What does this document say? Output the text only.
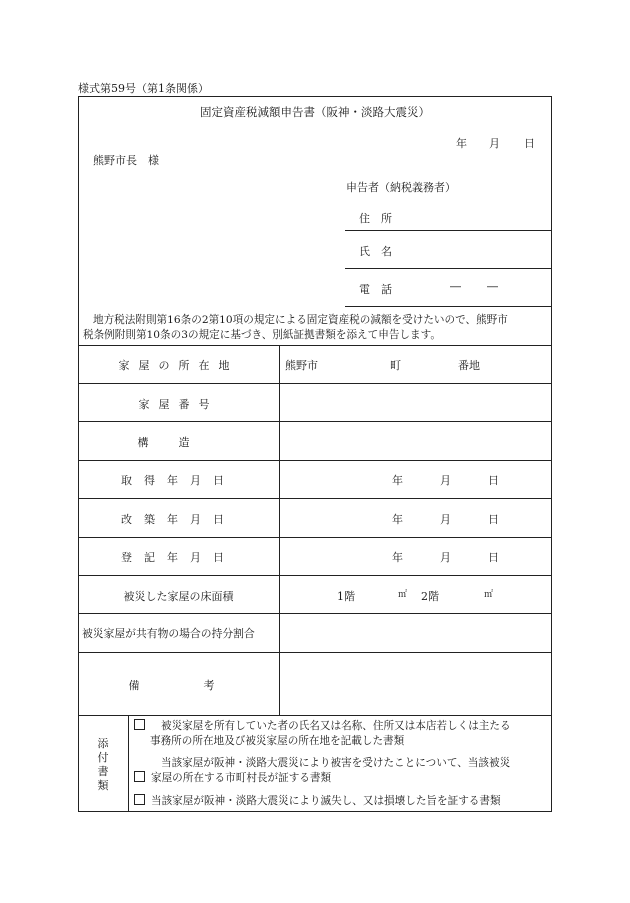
様式第59号（第1条関係）
固定資産税減額申告書（阪神・淡路大震災）
年 月 日
熊野市長　様
申告者（納税義務者）
住　所
氏　名
電　話	― ―
地方税法附則第16条の2第10項の規定による固定資産税の減額を受けたいので、熊野市
税条例附則第10条の3の規定に基づき、別紙証拠書類を添えて申告します。
家屋の所在地	熊野市	町	番地
家屋番号
構造
取得年月日	年	月	日
改築年月日	年	月	日
登記年月日	年	月	日
被災した家屋の床面積	1階	㎡ 2階	㎡
被災家屋が共有物の場合の持分割合
備　　考
添
付
書
類
被災家屋を所有していた者の氏名又は名称、住所又は本店若しくは主たる
事務所の所在地及び被災家屋の所在地を記載した書類
当該家屋が阪神・淡路大震災により被害を受けたことについて、当該被災
家屋の所在する市町村長が証する書類
当該家屋が阪神・淡路大震災により滅失し、又は損壊した旨を証する書類
